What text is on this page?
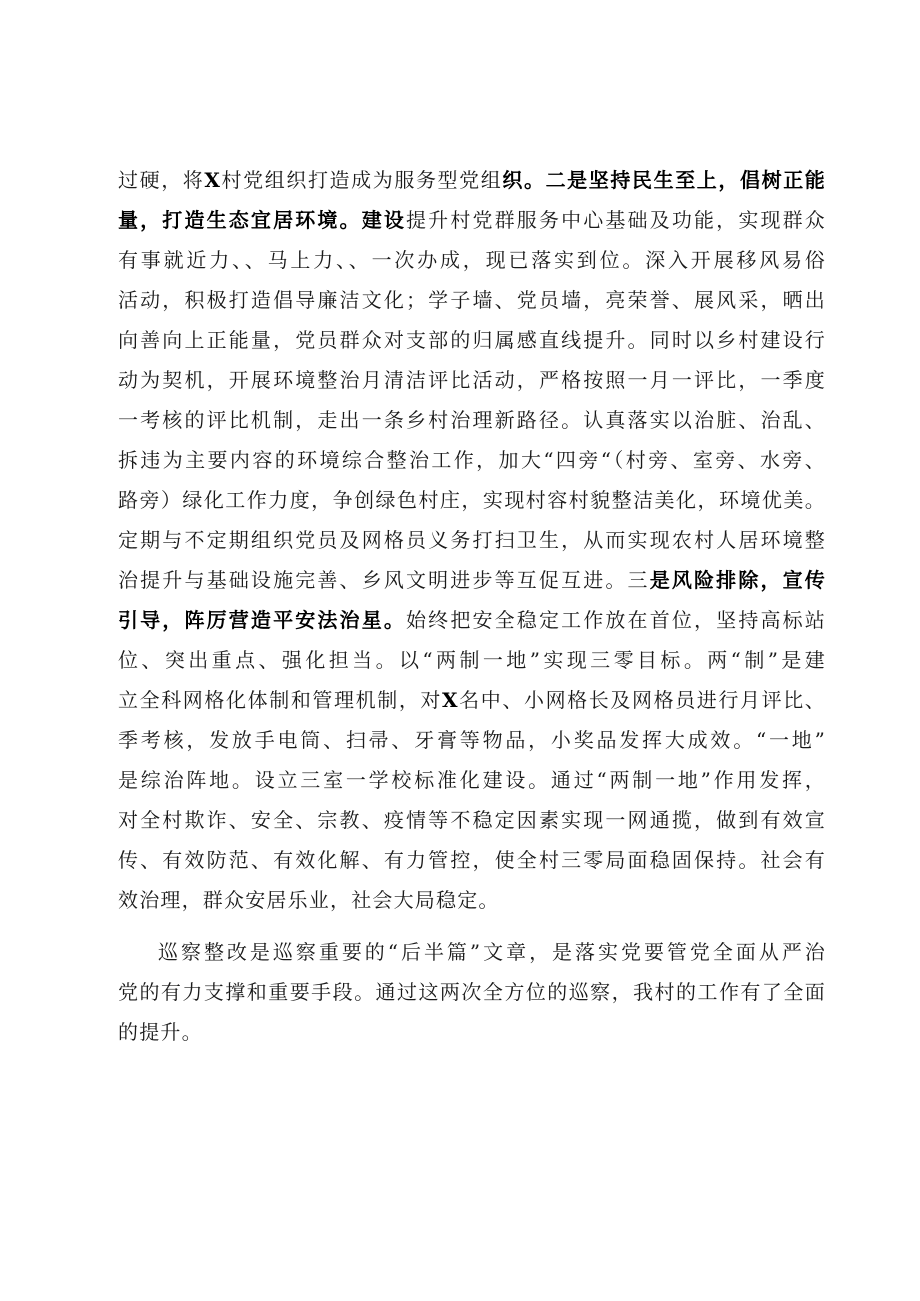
过硬，将X村党组织打造成为服务型党组织。二是坚持民生至上，倡树正能
量，打造生态宜居环境。建设提升村党群服务中心基础及功能，实现群众
有事就近力、、马上力、、一次办成，现已落实到位。深入开展移风易俗
活动，积极打造倡导廉洁文化；学子墙、党员墙，亮荣誉、展风采，晒出
向善向上正能量，党员群众对支部的归属感直线提升。同时以乡村建设行
动为契机，开展环境整治月清洁评比活动，严格按照一月一评比，一季度
一考核的评比机制，走出一条乡村治理新路径。认真落实以治脏、治乱、
拆违为主要内容的环境综合整治工作，加大“四旁“（村旁、室旁、水旁、
路旁）绿化工作力度，争创绿色村庄，实现村容村貌整洁美化，环境优美。
定期与不定期组织党员及网格员义务打扫卫生，从而实现农村人居环境整
治提升与基础设施完善、乡风文明进步等互促互进。三是风险排除，宣传
引导，阵厉营造平安法治星。始终把安全稳定工作放在首位，坚持高标站
位、突出重点、强化担当。以“两制一地”实现三零目标。两“制”是建
立全科网格化体制和管理机制，对X名中、小网格长及网格员进行月评比、
季考核，发放手电筒、扫帚、牙膏等物品，小奖品发挥大成效。“一地”
是综治阵地。设立三室一学校标准化建设。通过“两制一地”作用发挥，
对全村欺诈、安全、宗教、疫情等不稳定因素实现一网通揽，做到有效宣
传、有效防范、有效化解、有力管控，使全村三零局面稳固保持。社会有
效治理，群众安居乐业，社会大局稳定。
巡察整改是巡察重要的“后半篇”文章，是落实党要管党全面从严治
党的有力支撑和重要手段。通过这两次全方位的巡察，我村的工作有了全面
的提升。
